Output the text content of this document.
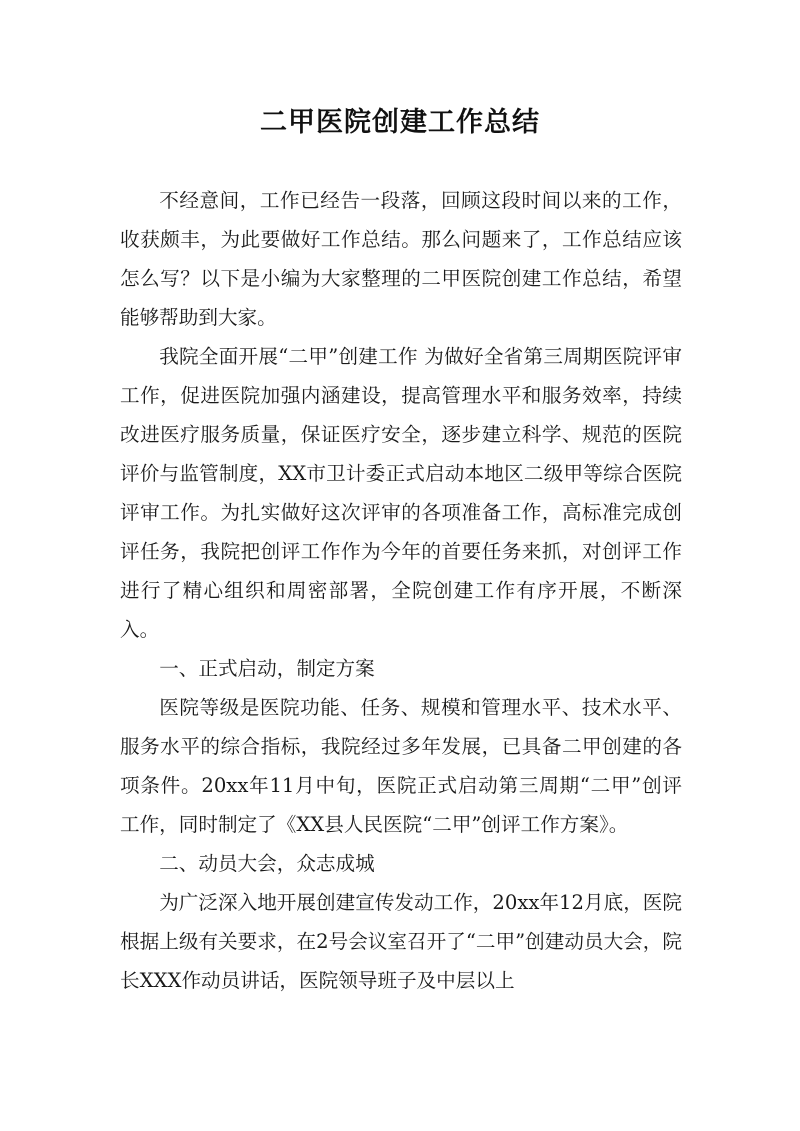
二甲医院创建工作总结

不经意间，工作已经告一段落，回顾这段时间以来的工作，收获颇丰，为此要做好工作总结。那么问题来了，工作总结应该怎么写？以下是小编为大家整理的二甲医院创建工作总结，希望能够帮助到大家。

我院全面开展“二甲”创建工作 为做好全省第三周期医院评审工作，促进医院加强内涵建设，提高管理水平和服务效率，持续改进医疗服务质量，保证医疗安全，逐步建立科学、规范的医院评价与监管制度，XX市卫计委正式启动本地区二级甲等综合医院评审工作。为扎实做好这次评审的各项准备工作，高标准完成创评任务，我院把创评工作作为今年的首要任务来抓，对创评工作进行了精心组织和周密部署，全院创建工作有序开展，不断深入。

一、正式启动，制定方案

医院等级是医院功能、任务、规模和管理水平、技术水平、服务水平的综合指标，我院经过多年发展，已具备二甲创建的各项条件。20xx年11月中旬，医院正式启动第三周期“二甲”创评工作，同时制定了《XX县人民医院“二甲”创评工作方案》。

二、动员大会，众志成城

为广泛深入地开展创建宣传发动工作，20xx年12月底，医院根据上级有关要求，在2号会议室召开了“二甲”创建动员大会，院长XXX作动员讲话，医院领导班子及中层以上
